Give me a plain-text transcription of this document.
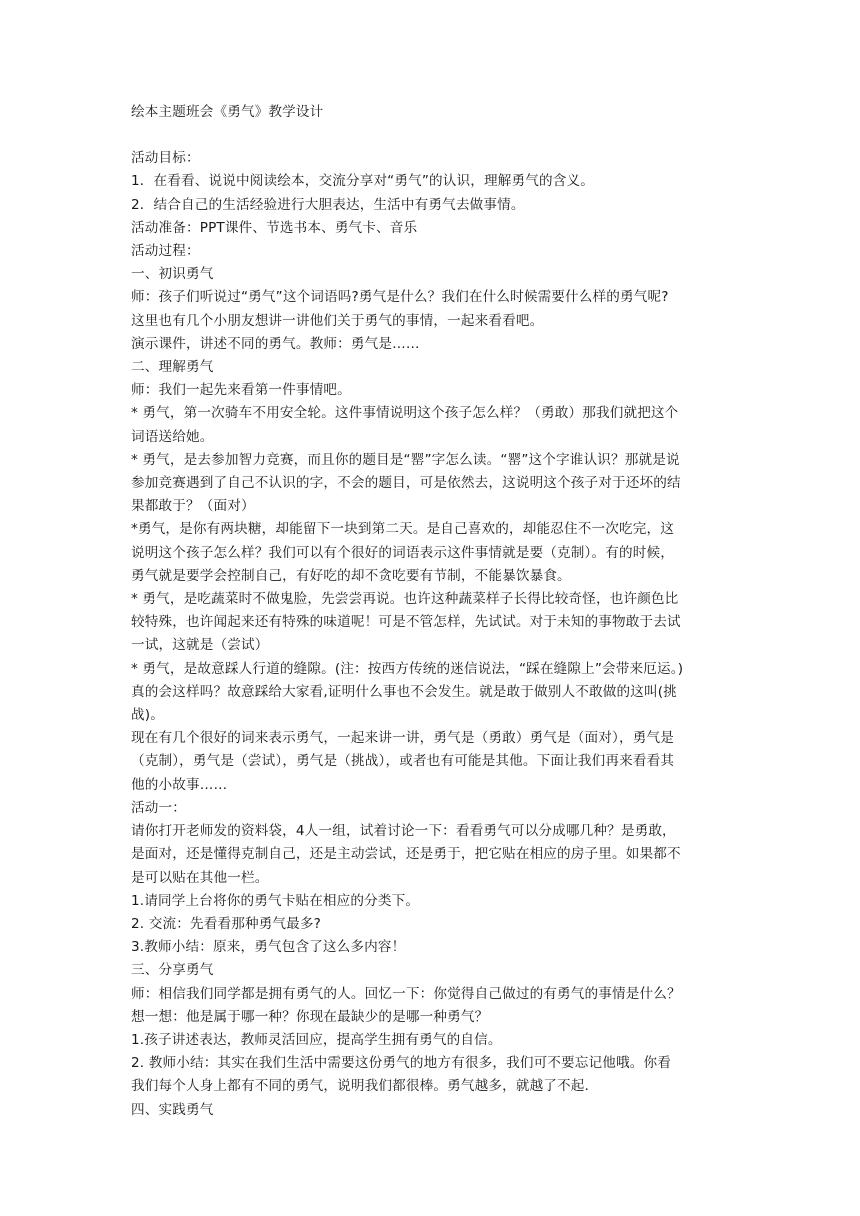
绘本主题班会《勇气》教学设计
活动目标：
1．在看看、说说中阅读绘本，交流分享对“勇气”的认识，理解勇气的含义。
2．结合自己的生活经验进行大胆表达，生活中有勇气去做事情。
活动准备：PPT课件、节选书本、勇气卡、音乐
活动过程：
一、初识勇气
师：孩子们听说过“勇气”这个词语吗?勇气是什么？我们在什么时候需要什么样的勇气呢?
这里也有几个小朋友想讲一讲他们关于勇气的事情，一起来看看吧。
演示课件，讲述不同的勇气。教师：勇气是……
二、理解勇气
师：我们一起先来看第一件事情吧。
* 勇气，第一次骑车不用安全轮。这件事情说明这个孩子怎么样？（勇敢）那我们就把这个
词语送给她。
* 勇气，是去参加智力竞赛，而且你的题目是“罂”字怎么读。“罂”这个字谁认识？那就是说
参加竞赛遇到了自己不认识的字，不会的题目，可是依然去，这说明这个孩子对于还坏的结
果都敢于？（面对）
*勇气，是你有两块糖，却能留下一块到第二天。是自己喜欢的，却能忍住不一次吃完，这
说明这个孩子怎么样？我们可以有个很好的词语表示这件事情就是要（克制）。有的时候，
勇气就是要学会控制自己，有好吃的却不贪吃要有节制，不能暴饮暴食。
* 勇气，是吃蔬菜时不做鬼脸，先尝尝再说。也许这种蔬菜样子长得比较奇怪，也许颜色比
较特殊，也许闻起来还有特殊的味道呢！可是不管怎样，先试试。对于未知的事物敢于去试
一试，这就是（尝试）
* 勇气，是故意踩人行道的缝隙。(注：按西方传统的迷信说法，“踩在缝隙上”会带来厄运。)
真的会这样吗？故意踩给大家看,证明什么事也不会发生。就是敢于做别人不敢做的这叫(挑
战)。
现在有几个很好的词来表示勇气，一起来讲一讲，勇气是（勇敢）勇气是（面对），勇气是
（克制），勇气是（尝试），勇气是（挑战），或者也有可能是其他。下面让我们再来看看其
他的小故事……
活动一：
请你打开老师发的资料袋，4人一组，试着讨论一下：看看勇气可以分成哪几种？是勇敢，
是面对，还是懂得克制自己，还是主动尝试，还是勇于，把它贴在相应的房子里。如果都不
是可以贴在其他一栏。
1.请同学上台将你的勇气卡贴在相应的分类下。
2. 交流：先看看那种勇气最多?
3.教师小结：原来，勇气包含了这么多内容！
三、分享勇气
师：相信我们同学都是拥有勇气的人。回忆一下：你觉得自己做过的有勇气的事情是什么？
想一想：他是属于哪一种？你现在最缺少的是哪一种勇气？
1.孩子讲述表达，教师灵活回应，提高学生拥有勇气的自信。
2. 教师小结：其实在我们生活中需要这份勇气的地方有很多，我们可不要忘记他哦。你看
我们每个人身上都有不同的勇气，说明我们都很棒。勇气越多，就越了不起.
四、实践勇气
